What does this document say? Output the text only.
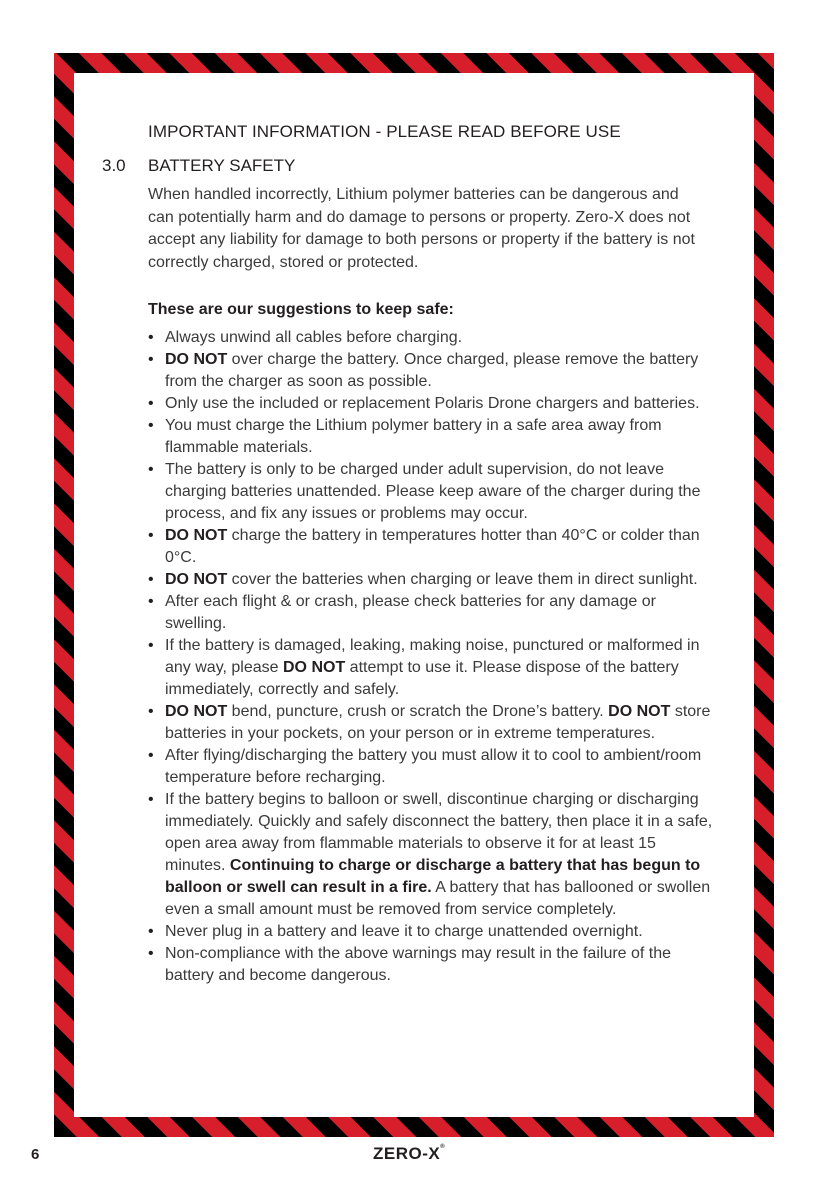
IMPORTANT INFORMATION - PLEASE READ BEFORE USE
3.0 BATTERY SAFETY
When handled incorrectly, Lithium polymer batteries can be dangerous and can potentially harm and do damage to persons or property. Zero-X does not accept any liability for damage to both persons or property if the battery is not correctly charged, stored or protected.
These are our suggestions to keep safe:
• Always unwind all cables before charging.
• DO NOT over charge the battery. Once charged, please remove the battery from the charger as soon as possible.
• Only use the included or replacement Polaris Drone chargers and batteries.
• You must charge the Lithium polymer battery in a safe area away from flammable materials.
• The battery is only to be charged under adult supervision, do not leave charging batteries unattended. Please keep aware of the charger during the process, and fix any issues or problems may occur.
• DO NOT charge the battery in temperatures hotter than 40°C or colder than 0°C.
• DO NOT cover the batteries when charging or leave them in direct sunlight.
• After each flight & or crash, please check batteries for any damage or swelling.
• If the battery is damaged, leaking, making noise, punctured or malformed in any way, please DO NOT attempt to use it. Please dispose of the battery immediately, correctly and safely.
• DO NOT bend, puncture, crush or scratch the Drone’s battery. DO NOT store batteries in your pockets, on your person or in extreme temperatures.
• After flying/discharging the battery you must allow it to cool to ambient/room temperature before recharging.
• If the battery begins to balloon or swell, discontinue charging or discharging immediately. Quickly and safely disconnect the battery, then place it in a safe, open area away from flammable materials to observe it for at least 15 minutes. Continuing to charge or discharge a battery that has begun to balloon or swell can result in a fire. A battery that has ballooned or swollen even a small amount must be removed from service completely.
• Never plug in a battery and leave it to charge unattended overnight.
• Non-compliance with the above warnings may result in the failure of the battery and become dangerous.
6	ZERO-X®
